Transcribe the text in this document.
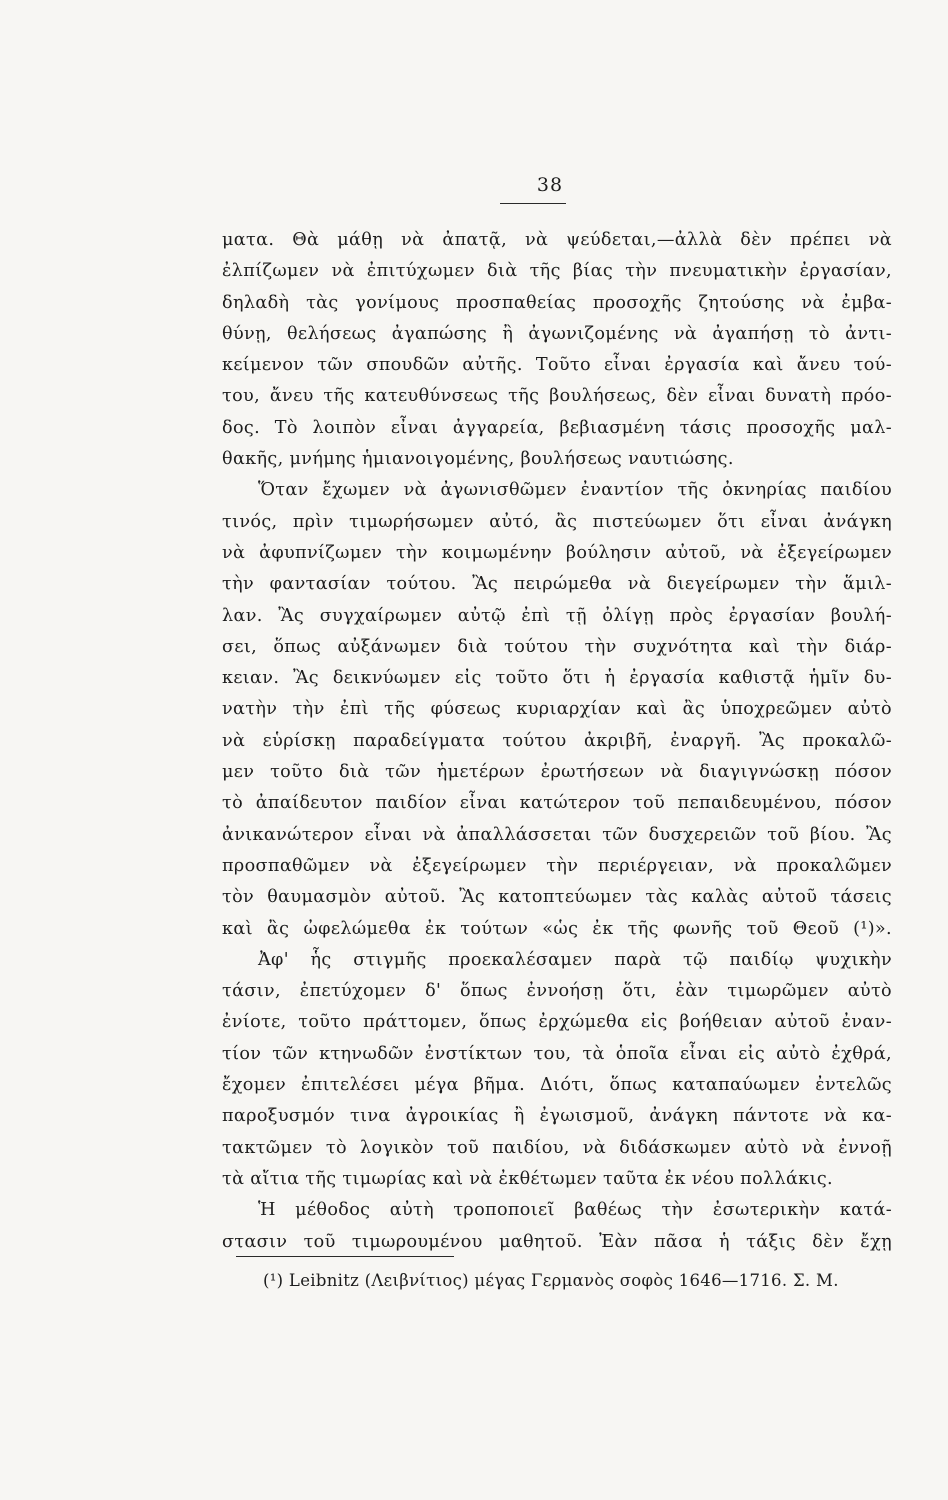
38
ματα. Θὰ μάθῃ νὰ ἀπατᾷ, νὰ ψεύδεται,—ἀλλὰ δὲν πρέπει νὰ
ἐλπίζωμεν νὰ ἐπιτύχωμεν διὰ τῆς βίας τὴν πνευματικὴν ἐργασίαν,
δηλαδὴ τὰς γονίμους προσπαθείας προσοχῆς ζητούσης νὰ ἐμβα-
θύνῃ, θελήσεως ἀγαπώσης ἢ ἀγωνιζομένης νὰ ἀγαπήσῃ τὸ ἀντι-
κείμενον τῶν σπουδῶν αὐτῆς. Τοῦτο εἶναι ἐργασία καὶ ἄνευ τού-
του, ἄνευ τῆς κατευθύνσεως τῆς βουλήσεως, δὲν εἶναι δυνατὴ πρόο-
δος. Τὸ λοιπὸν εἶναι ἀγγαρεία, βεβιασμένη τάσις προσοχῆς μαλ-
θακῆς, μνήμης ἡμιανοιγομένης, βουλήσεως ναυτιώσης.
Ὅταν ἔχωμεν νὰ ἀγωνισθῶμεν ἐναντίον τῆς ὀκνηρίας παιδίου
τινός, πρὶν τιμωρήσωμεν αὐτό, ἂς πιστεύωμεν ὅτι εἶναι ἀνάγκη
νὰ ἀφυπνίζωμεν τὴν κοιμωμένην βούλησιν αὐτοῦ, νὰ ἐξεγείρωμεν
τὴν φαντασίαν τούτου. Ἂς πειρώμεθα νὰ διεγείρωμεν τὴν ἅμιλ-
λαν. Ἂς συγχαίρωμεν αὐτῷ ἐπὶ τῇ ὀλίγῃ πρὸς ἐργασίαν βουλή-
σει, ὅπως αὐξάνωμεν διὰ τούτου τὴν συχνότητα καὶ τὴν διάρ-
κειαν. Ἂς δεικνύωμεν εἰς τοῦτο ὅτι ἡ ἐργασία καθιστᾷ ἡμῖν δυ-
νατὴν τὴν ἐπὶ τῆς φύσεως κυριαρχίαν καὶ ἂς ὑποχρεῶμεν αὐτὸ
νὰ εὑρίσκῃ παραδείγματα τούτου ἀκριβῆ, ἐναργῆ. Ἂς προκαλῶ-
μεν τοῦτο διὰ τῶν ἡμετέρων ἐρωτήσεων νὰ διαγιγνώσκῃ πόσον
τὸ ἀπαίδευτον παιδίον εἶναι κατώτερον τοῦ πεπαιδευμένου, πόσον
ἀνικανώτερον εἶναι νὰ ἀπαλλάσσεται τῶν δυσχερειῶν τοῦ βίου. Ἂς
προσπαθῶμεν νὰ ἐξεγείρωμεν τὴν περιέργειαν, νὰ προκαλῶμεν
τὸν θαυμασμὸν αὐτοῦ. Ἂς κατοπτεύωμεν τὰς καλὰς αὐτοῦ τάσεις
καὶ ἂς ὠφελώμεθα ἐκ τούτων «ὡς ἐκ τῆς φωνῆς τοῦ Θεοῦ (¹)».
Ἀφ' ἧς στιγμῆς προεκαλέσαμεν παρὰ τῷ παιδίῳ ψυχικὴν
τάσιν, ἐπετύχομεν δ' ὅπως ἐννοήσῃ ὅτι, ἐὰν τιμωρῶμεν αὐτὸ
ἐνίοτε, τοῦτο πράττομεν, ὅπως ἐρχώμεθα εἰς βοήθειαν αὐτοῦ ἐναν-
τίον τῶν κτηνωδῶν ἐνστίκτων του, τὰ ὁποῖα εἶναι εἰς αὐτὸ ἐχθρά,
ἔχομεν ἐπιτελέσει μέγα βῆμα. Διότι, ὅπως καταπαύωμεν ἐντελῶς
παροξυσμόν τινα ἀγροικίας ἢ ἐγωισμοῦ, ἀνάγκη πάντοτε νὰ κα-
τακτῶμεν τὸ λογικὸν τοῦ παιδίου, νὰ διδάσκωμεν αὐτὸ νὰ ἐννοῇ
τὰ αἴτια τῆς τιμωρίας καὶ νὰ ἐκθέτωμεν ταῦτα ἐκ νέου πολλάκις.
Ἡ μέθοδος αὐτὴ τροποποιεῖ βαθέως τὴν ἐσωτερικὴν κατά-
στασιν τοῦ τιμωρουμένου μαθητοῦ. Ἐὰν πᾶσα ἡ τάξις δὲν ἔχῃ
(¹) Leibnitz (Λειβνίτιος) μέγας Γερμανὸς σοφὸς 1646—1716. Σ. Μ.
